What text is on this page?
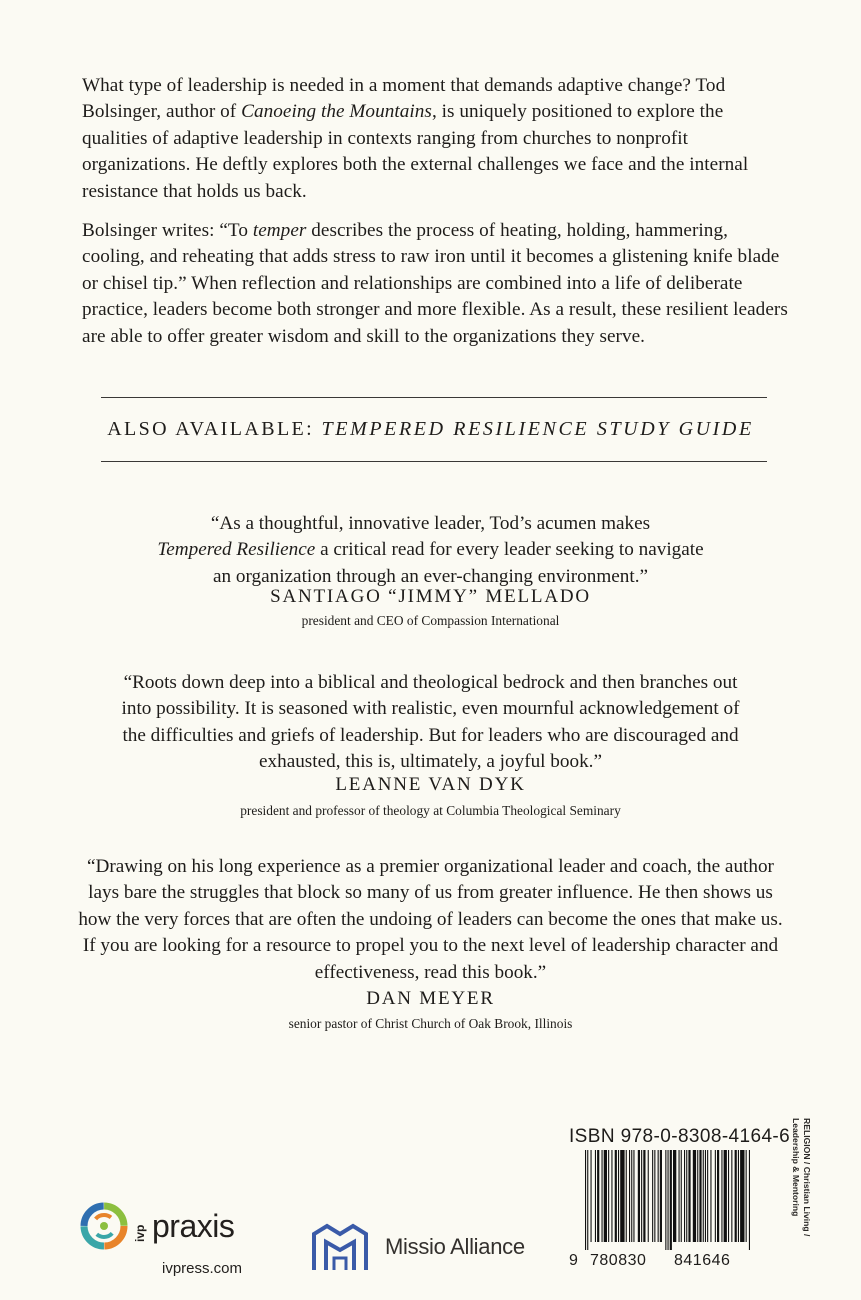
What type of leadership is needed in a moment that demands adaptive change? Tod Bolsinger, author of Canoeing the Mountains, is uniquely positioned to explore the qualities of adaptive leadership in contexts ranging from churches to nonprofit organizations. He deftly explores both the external challenges we face and the internal resistance that holds us back.

Bolsinger writes: “To temper describes the process of heating, holding, hammering, cooling, and reheating that adds stress to raw iron until it becomes a glistening knife blade or chisel tip.” When reflection and relationships are combined into a life of deliberate practice, leaders become both stronger and more flexible. As a result, these resilient leaders are able to offer greater wisdom and skill to the organizations they serve.

ALSO AVAILABLE: TEMPERED RESILIENCE STUDY GUIDE

“As a thoughtful, innovative leader, Tod’s acumen makes
Tempered Resilience a critical read for every leader seeking to navigate an organization through an ever-changing environment.”

SANTIAGO “JIMMY” MELLADO

president and CEO of Compassion International

“Roots down deep into a biblical and theological bedrock and then branches out into possibility. It is seasoned with realistic, even mournful acknowledgement of the difficulties and griefs of leadership. But for leaders who are discouraged and exhausted, this is, ultimately, a joyful book.”

LEANNE VAN DYK

president and professor of theology at Columbia Theological Seminary

“Drawing on his long experience as a premier organizational leader and coach, the author lays bare the struggles that block so many of us from greater influence. He then shows us how the very forces that are often the undoing of leaders can become the ones that make us. If you are looking for a resource to propel you to the next level of leadership character and effectiveness, read this book.”

DAN MEYER

senior pastor of Christ Church of Oak Brook, Illinois

ivp praxis

ivpress.com

Missio Alliance

ISBN 978-0-8308-4164-6

9 780830 841646

RELIGION / Christian Living /
Leadership & Mentoring
